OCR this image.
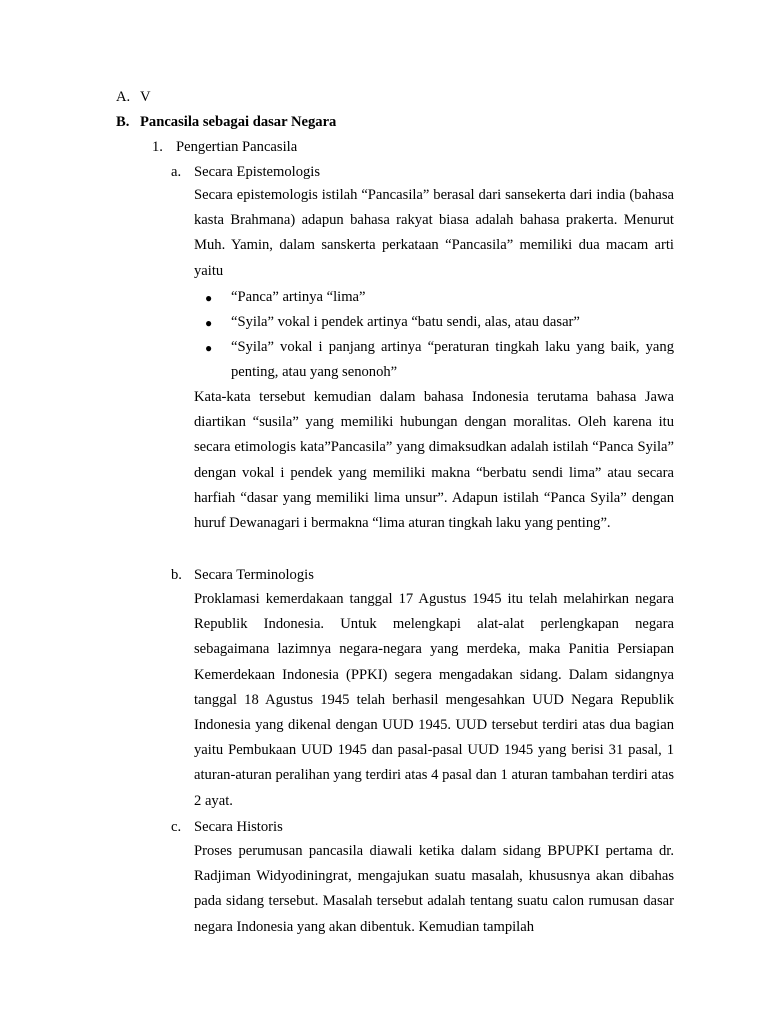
A. V
B. Pancasila sebagai dasar Negara
1. Pengertian Pancasila
a. Secara Epistemologis

Secara epistemologis istilah “Pancasila” berasal dari sansekerta dari india (bahasa kasta Brahmana) adapun bahasa rakyat biasa adalah bahasa prakerta. Menurut Muh. Yamin, dalam sanskerta perkataan “Pancasila” memiliki dua macam arti yaitu

● “Panca” artinya “lima”

● “Syila” vokal i pendek artinya “batu sendi, alas, atau dasar”

● “Syila” vokal i panjang artinya “peraturan tingkah laku yang baik, yang penting, atau yang senonoh”

Kata-kata tersebut kemudian dalam bahasa Indonesia terutama bahasa Jawa diartikan “susila” yang memiliki hubungan dengan moralitas. Oleh karena itu secara etimologis kata”Pancasila” yang dimaksudkan adalah istilah “Panca Syila” dengan vokal i pendek yang memiliki makna “berbatu sendi lima” atau secara harfiah “dasar yang memiliki lima unsur”. Adapun istilah “Panca Syila” dengan huruf Dewanagari i bermakna “lima aturan tingkah laku yang penting”.

b. Secara Terminologis

Proklamasi kemerdakaan tanggal 17 Agustus 1945 itu telah melahirkan negara Republik Indonesia. Untuk melengkapi alat-alat perlengkapan negara sebagaimana lazimnya negara-negara yang merdeka, maka Panitia Persiapan Kemerdekaan Indonesia (PPKI) segera mengadakan sidang. Dalam sidangnya tanggal 18 Agustus 1945 telah berhasil mengesahkan UUD Negara Republik Indonesia yang dikenal dengan UUD 1945. UUD tersebut terdiri atas dua bagian yaitu Pembukaan UUD 1945 dan pasal-pasal UUD 1945 yang berisi 31 pasal, 1 aturan-aturan peralihan yang terdiri atas 4 pasal dan 1 aturan tambahan terdiri atas 2 ayat.

c. Secara Historis

Proses perumusan pancasila diawali ketika dalam sidang BPUPKI pertama dr. Radjiman Widyodiningrat, mengajukan suatu masalah, khususnya akan dibahas pada sidang tersebut. Masalah tersebut adalah tentang suatu calon rumusan dasar negara Indonesia yang akan dibentuk. Kemudian tampilah
